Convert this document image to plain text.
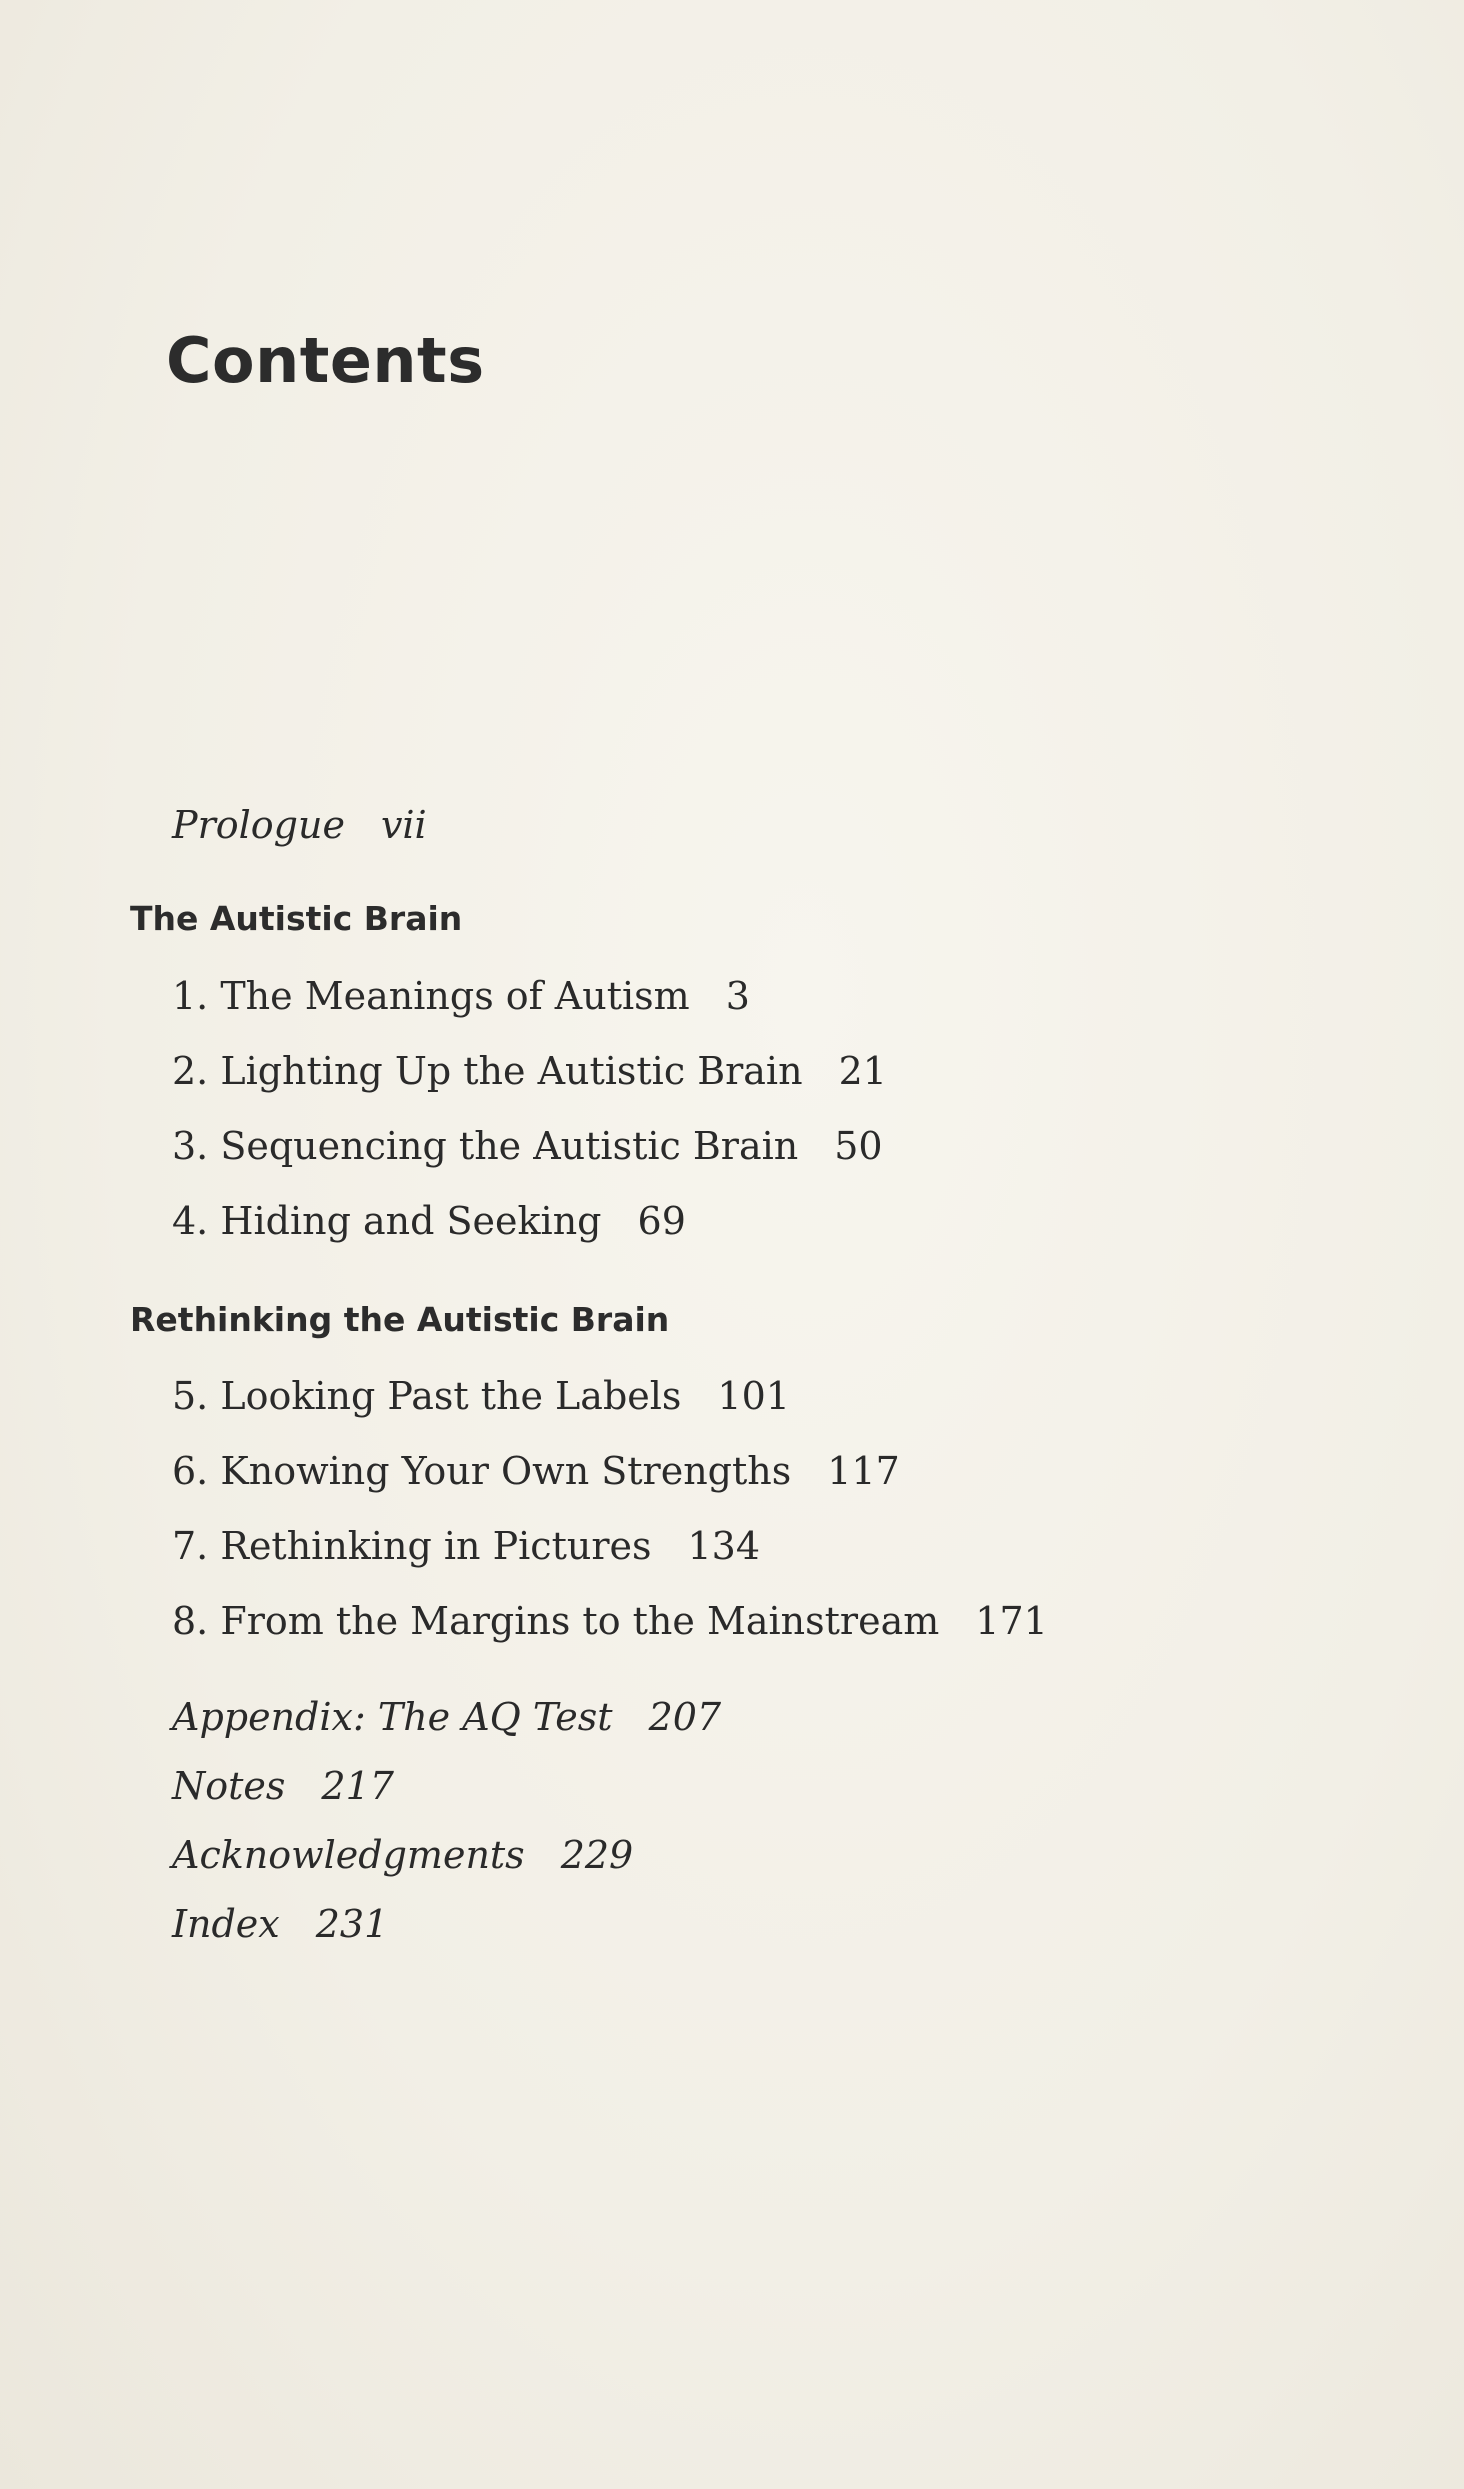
Contents
Prologue vii
The Autistic Brain
1. The Meanings of Autism 3
2. Lighting Up the Autistic Brain 21
3. Sequencing the Autistic Brain 50
4. Hiding and Seeking 69
Rethinking the Autistic Brain
5. Looking Past the Labels 101
6. Knowing Your Own Strengths 117
7. Rethinking in Pictures 134
8. From the Margins to the Mainstream 171
Appendix: The AQ Test 207
Notes 217
Acknowledgments 229
Index 231
